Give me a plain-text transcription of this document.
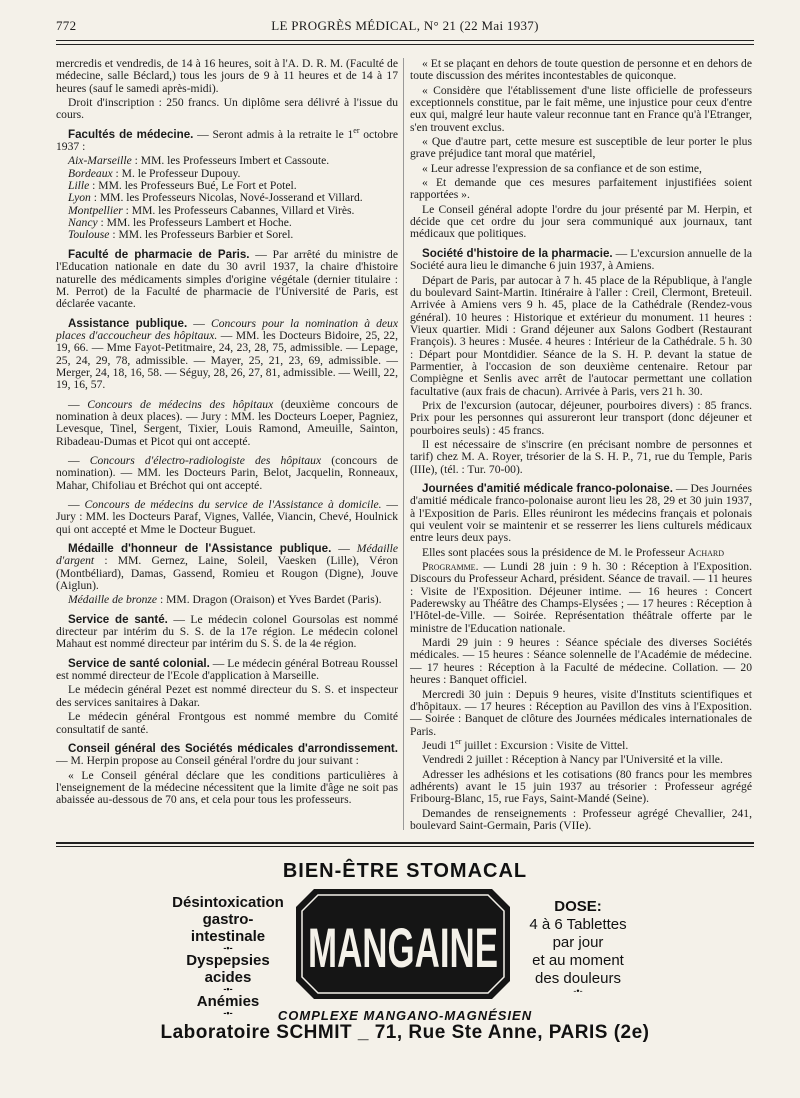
772	LE PROGRÈS MÉDICAL, N° 21 (22 Mai 1937)

mercredis et vendredis, de 14 à 16 heures, soit à l'A. D. R. M. (Faculté de médecine, salle Béclard,) tous les jours de 9 à 11 heures et de 14 à 17 heures (sauf le samedi après-midi).

Droit d'inscription : 250 francs. Un diplôme sera délivré à l'issue du cours.

Facultés de médecine. — Seront admis à la retraite le 1er octobre 1937 :

Aix-Marseille : MM. les Professeurs Imbert et Cassoute.

Bordeaux : M. le Professeur Dupouy.

Lille : MM. les Professeurs Bué, Le Fort et Potel.

Lyon : MM. les Professeurs Nicolas, Nové-Josserand et Villard.

Montpellier : MM. les Professeurs Cabannes, Villard et Virès.

Nancy : MM. les Professeurs Lambert et Hoche.

Toulouse : MM. les Professeurs Barbier et Sorel.

Faculté de pharmacie de Paris. — Par arrêté du ministre de l'Education nationale en date du 30 avril 1937, la chaire d'histoire naturelle des médicaments simples d'origine végétale (dernier titulaire : M. Perrot) de la Faculté de pharmacie de l'Université de Paris, est déclarée vacante.

Assistance publique. — Concours pour la nomination à deux places d'accoucheur des hôpitaux. — MM. les Docteurs Bidoire, 25, 22, 19, 66. — Mme Fayot-Petitmaire, 24, 23, 28, 75, admissible. — Lepage, 25, 24, 29, 78, admissible. — Mayer, 25, 21, 23, 69, admissible. — Merger, 24, 18, 16, 58. — Séguy, 28, 26, 27, 81, admissible. — Weill, 22, 19, 16, 57.

— Concours de médecins des hôpitaux (deuxième concours de nomination à deux places). — Jury : MM. les Docteurs Loeper, Pagniez, Levesque, Tinel, Sergent, Tixier, Louis Ramond, Ameuille, Sainton, Ribadeau-Dumas et Picot qui ont accepté.

— Concours d'électro-radiologiste des hôpitaux (concours de nomination). — MM. les Docteurs Parin, Belot, Jacquelin, Ronneaux, Mahar, Chifoliau et Bréchot qui ont accepté.

— Concours de médecins du service de l'Assistance à domicile. — Jury : MM. les Docteurs Paraf, Vignes, Vallée, Viancin, Chevé, Houlnick qui ont accepté et Mme le Docteur Buguet.

Médaille d'honneur de l'Assistance publique. — Médaille d'argent : MM. Gernez, Laine, Soleil, Vaesken (Lille), Véron (Montbéliard), Damas, Gassend, Romieu et Rougon (Digne), Jouve (Aiglun).

Médaille de bronze : MM. Dragon (Oraison) et Yves Bardet (Paris).

Service de santé. — Le médecin colonel Goursolas est nommé directeur par intérim du S. S. de la 17e région. Le médecin colonel Mahaut est nommé directeur par intérim du S. S. de la 4e région.

Service de santé colonial. — Le médecin général Botreau Roussel est nommé directeur de l'Ecole d'application à Marseille.

Le médecin général Pezet est nommé directeur du S. S. et inspecteur des services sanitaires à Dakar.

Le médecin général Frontgous est nommé membre du Comité consultatif de santé.

Conseil général des Sociétés médicales d'arrondissement. — M. Herpin propose au Conseil général l'ordre du jour suivant :

« Le Conseil général déclare que les conditions particulières à l'enseignement de la médecine nécessitent que la limite d'âge ne soit pas abaissée au-dessous de 70 ans, et cela pour tous les professeurs.

« Et se plaçant en dehors de toute question de personne et en dehors de toute discussion des mérites incontestables de quiconque.

« Considère que l'établissement d'une liste officielle de professeurs exceptionnels constitue, par le fait même, une injustice pour ceux d'entre eux qui, malgré leur haute valeur reconnue tant en France qu'à l'Etranger, s'en trouvent exclus.

« Que d'autre part, cette mesure est susceptible de leur porter le plus grave préjudice tant moral que matériel,

« Leur adresse l'expression de sa confiance et de son estime,

« Et demande que ces mesures parfaitement injustifiées soient rapportées ».

Le Conseil général adopte l'ordre du jour présenté par M. Herpin, et décide que cet ordre du jour sera communiqué aux journaux, tant médicaux que politiques.

Société d'histoire de la pharmacie. — L'excursion annuelle de la Société aura lieu le dimanche 6 juin 1937, à Amiens.

Départ de Paris, par autocar à 7 h. 45 place de la République, à l'angle du boulevard Saint-Martin. Itinéraire à l'aller : Creil, Clermont, Breteuil. Arrivée à Amiens vers 9 h. 45, place de la Cathédrale (Rendez-vous général). 10 heures : Historique et extérieur du monument. 11 heures : Vieux quartier. Midi : Grand déjeuner aux Salons Godbert (Restaurant François). 3 heures : Musée. 4 heures : Intérieur de la Cathédrale. 5 h. 30 : Départ pour Montdidier. Séance de la S. H. P. devant la statue de Parmentier, à l'occasion de son deuxième centenaire. Retour par Compiègne et Senlis avec arrêt de l'autocar permettant une collation facultative (aux frais de chacun). Arrivée à Paris, vers 21 h. 30.

Prix de l'excursion (autocar, déjeuner, pourboires divers) : 85 francs. Prix pour les personnes qui assureront leur transport (donc déjeuner et pourboires seuls) : 45 francs.

Il est nécessaire de s'inscrire (en précisant nombre de personnes et tarif) chez M. A. Royer, trésorier de la S. H. P., 71, rue du Temple, Paris (IIIe), (tél. : Tur. 70-00).

Journées d'amitié médicale franco-polonaise. — Des Journées d'amitié médicale franco-polonaise auront lieu les 28, 29 et 30 juin 1937, à l'Exposition de Paris. Elles réuniront les médecins français et polonais qui veulent voir se maintenir et se resserrer les liens culturels médicaux entre leurs deux pays.

Elles sont placées sous la présidence de M. le Professeur Achard

Programme. — Lundi 28 juin : 9 h. 30 : Réception à l'Exposition. Discours du Professeur Achard, président. Séance de travail. — 11 heures : Visite de l'Exposition. Déjeuner intime. — 16 heures : Concert Paderewsky au Théâtre des Champs-Elysées ; — 17 heures : Réception à l'Hôtel-de-Ville. — Soirée. Représentation théâtrale offerte par le ministre de l'Education nationale.

Mardi 29 juin : 9 heures : Séance spéciale des diverses Sociétés médicales. — 15 heures : Séance solennelle de l'Académie de médecine. — 17 heures : Réception à la Faculté de médecine. Collation. — 20 heures : Banquet officiel.

Mercredi 30 juin : Depuis 9 heures, visite d'Instituts scientifiques et d'hôpitaux. — 17 heures : Réception au Pavillon des vins à l'Exposition. — Soirée : Banquet de clôture des Journées médicales internationales de Paris.

Jeudi 1er juillet : Excursion : Visite de Vittel.

Vendredi 2 juillet : Réception à Nancy par l'Université et la ville.

Adresser les adhésions et les cotisations (80 francs pour les membres adhérents) avant le 15 juin 1937 au trésorier : Professeur agrégé Fribourg-Blanc, 15, rue Fays, Saint-Mandé (Seine).

Demandes de renseignements : Professeur agrégé Chevallier, 241, boulevard Saint-Germain, Paris (VIIe).

BIEN-ÊTRE STOMACAL
Désintoxication
gastro-intestinale
-•-
Dyspepsies acides
-•-
Anémies
-•-
MANGAINE
DOSE:
4 à 6 Tablettes
par jour
et au moment
des douleurs
-•-
COMPLEXE MANGANO-MAGNÉSIEN
Laboratoire SCHMIT _ 71, Rue Ste Anne, PARIS (2e)
